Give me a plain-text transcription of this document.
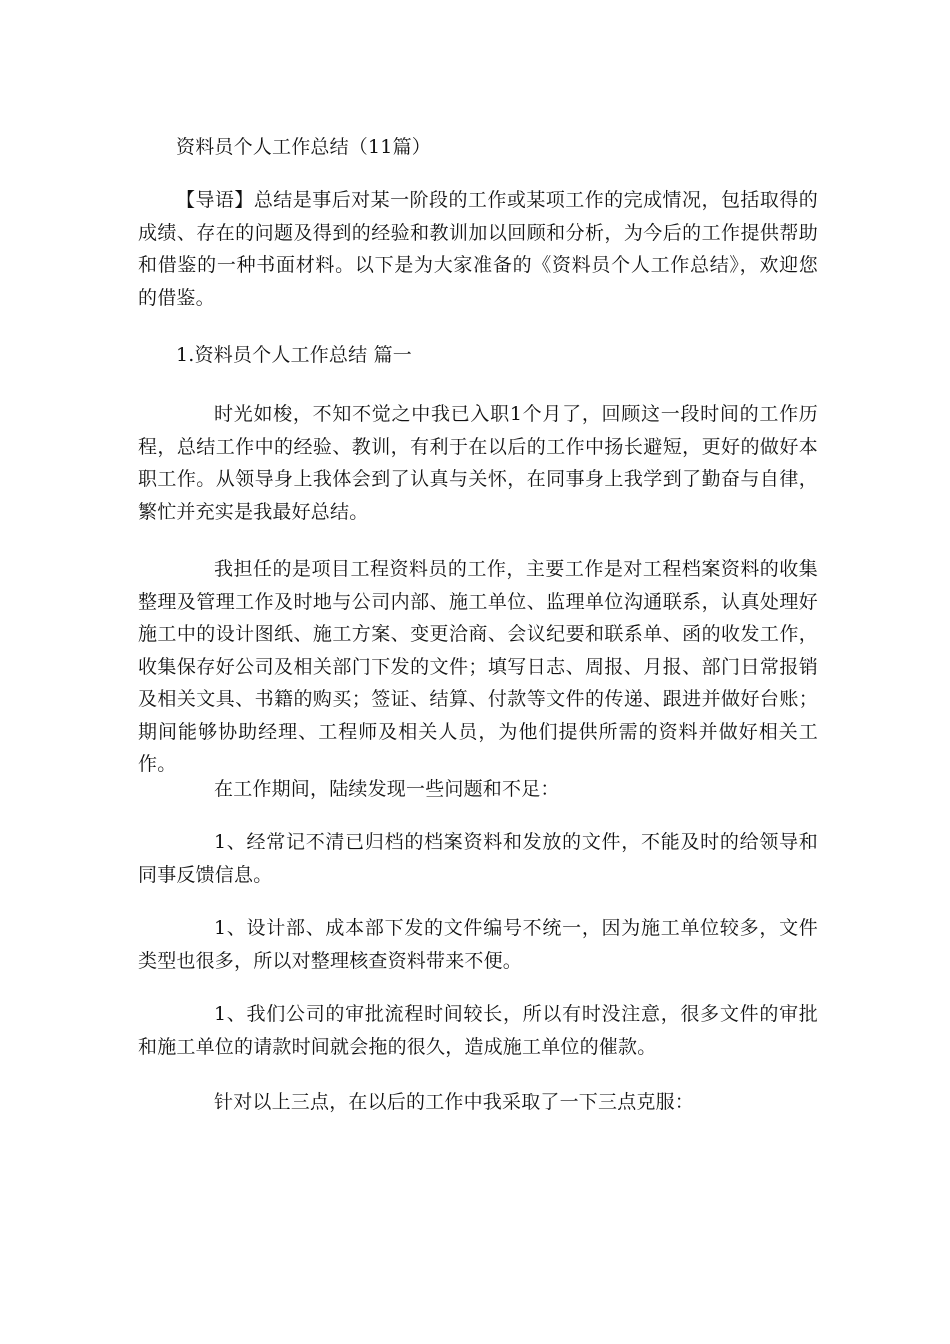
资料员个人工作总结（11篇）

【导语】总结是事后对某一阶段的工作或某项工作的完成情况，包括取得的成绩、存在的问题及得到的经验和教训加以回顾和分析，为今后的工作提供帮助和借鉴的一种书面材料。以下是为大家准备的《资料员个人工作总结》，欢迎您的借鉴。

1.资料员个人工作总结 篇一

时光如梭，不知不觉之中我已入职1个月了，回顾这一段时间的工作历程，总结工作中的经验、教训，有利于在以后的工作中扬长避短，更好的做好本职工作。从领导身上我体会到了认真与关怀，在同事身上我学到了勤奋与自律，繁忙并充实是我最好总结。

我担任的是项目工程资料员的工作，主要工作是对工程档案资料的收集整理及管理工作及时地与公司内部、施工单位、监理单位沟通联系，认真处理好施工中的设计图纸、施工方案、变更洽商、会议纪要和联系单、函的收发工作，收集保存好公司及相关部门下发的文件；填写日志、周报、月报、部门日常报销及相关文具、书籍的购买；签证、结算、付款等文件的传递、跟进并做好台账；期间能够协助经理、工程师及相关人员，为他们提供所需的资料并做好相关工作。

在工作期间，陆续发现一些问题和不足：

1、经常记不清已归档的档案资料和发放的文件，不能及时的给领导和同事反馈信息。

1、设计部、成本部下发的文件编号不统一，因为施工单位较多，文件类型也很多，所以对整理核查资料带来不便。

1、我们公司的审批流程时间较长，所以有时没注意，很多文件的审批和施工单位的请款时间就会拖的很久，造成施工单位的催款。

针对以上三点，在以后的工作中我采取了一下三点克服：
